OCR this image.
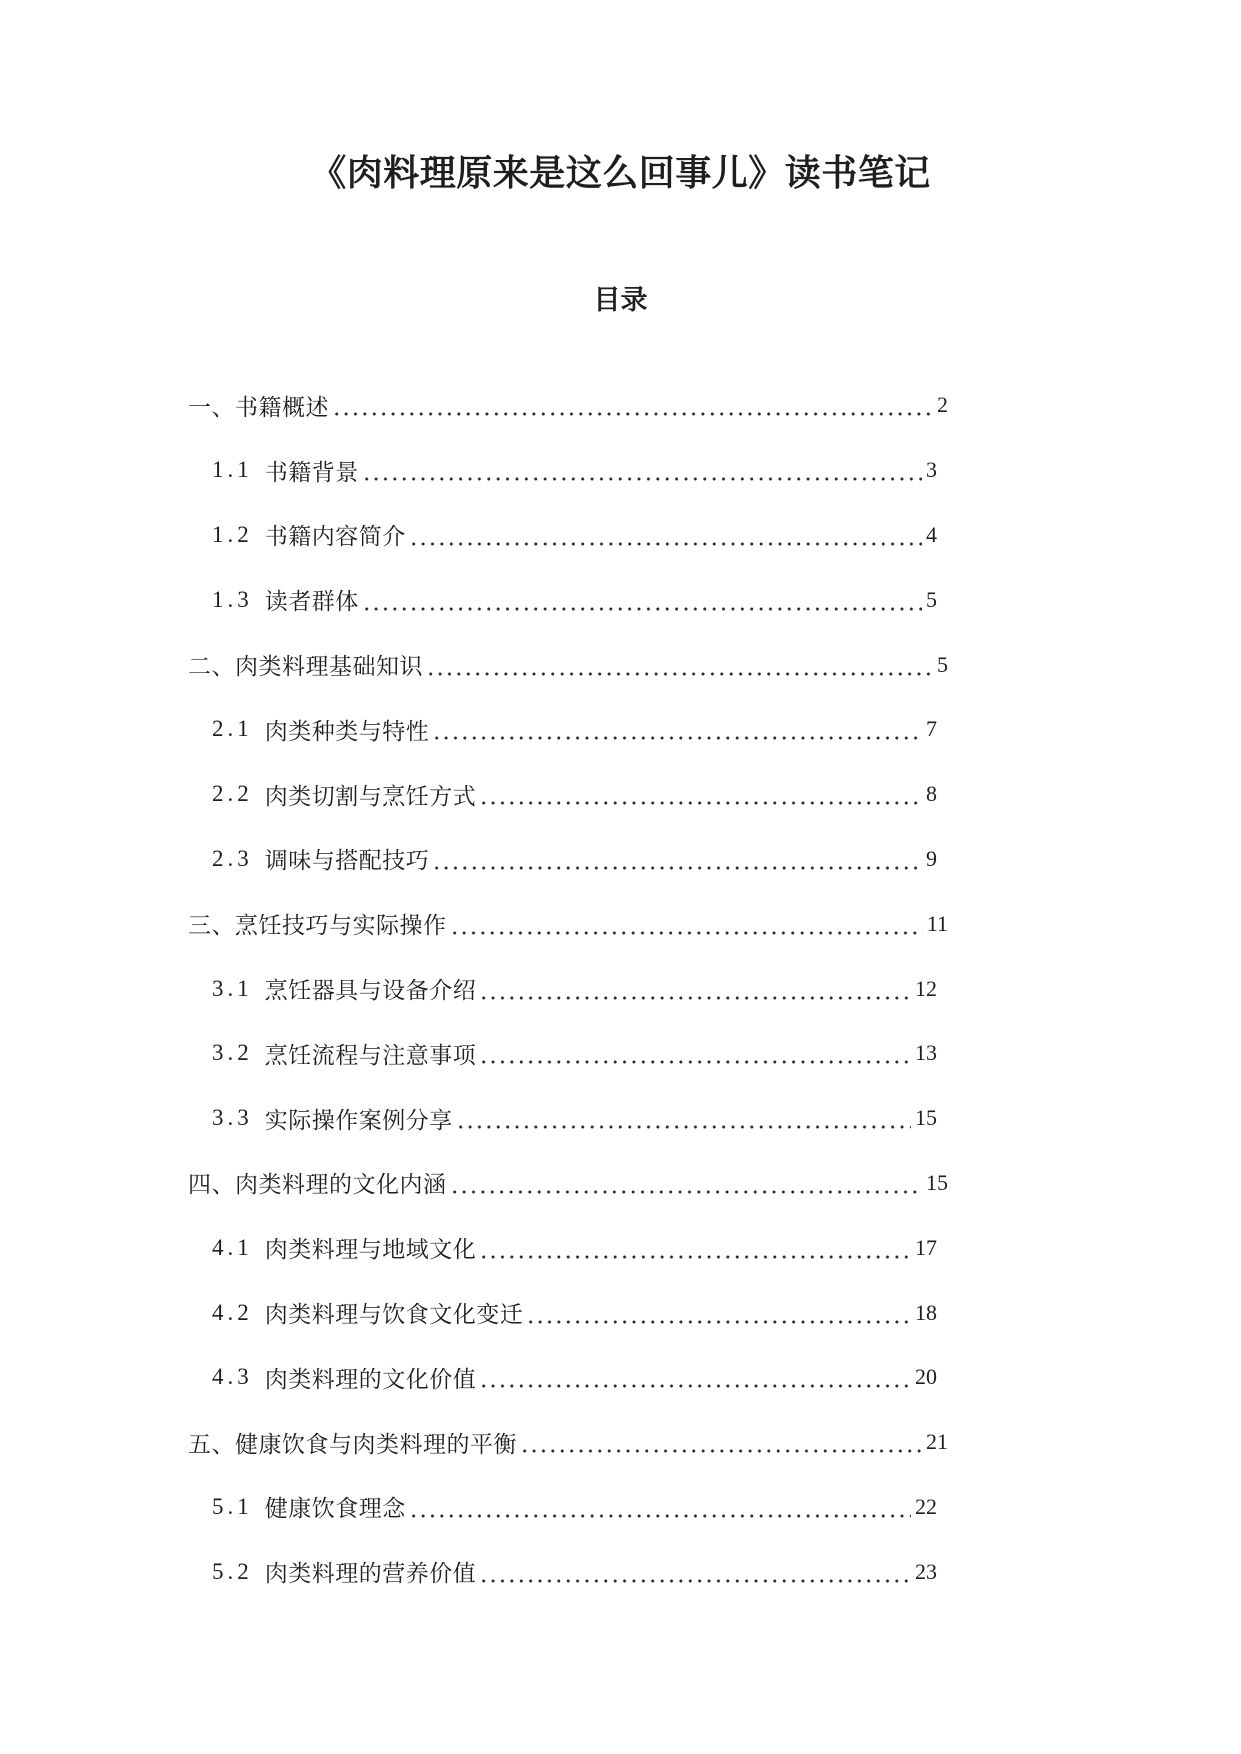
《肉料理原来是这么回事儿》读书笔记
目录
一、书籍概述	2
1.1 书籍背景	3
1.2 书籍内容简介	4
1.3 读者群体	5
二、肉类料理基础知识	5
2.1 肉类种类与特性	7
2.2 肉类切割与烹饪方式	8
2.3 调味与搭配技巧	9
三、烹饪技巧与实际操作	11
3.1 烹饪器具与设备介绍	12
3.2 烹饪流程与注意事项	13
3.3 实际操作案例分享	15
四、肉类料理的文化内涵	15
4.1 肉类料理与地域文化	17
4.2 肉类料理与饮食文化变迁	18
4.3 肉类料理的文化价值	20
五、健康饮食与肉类料理的平衡	21
5.1 健康饮食理念	22
5.2 肉类料理的营养价值	23
